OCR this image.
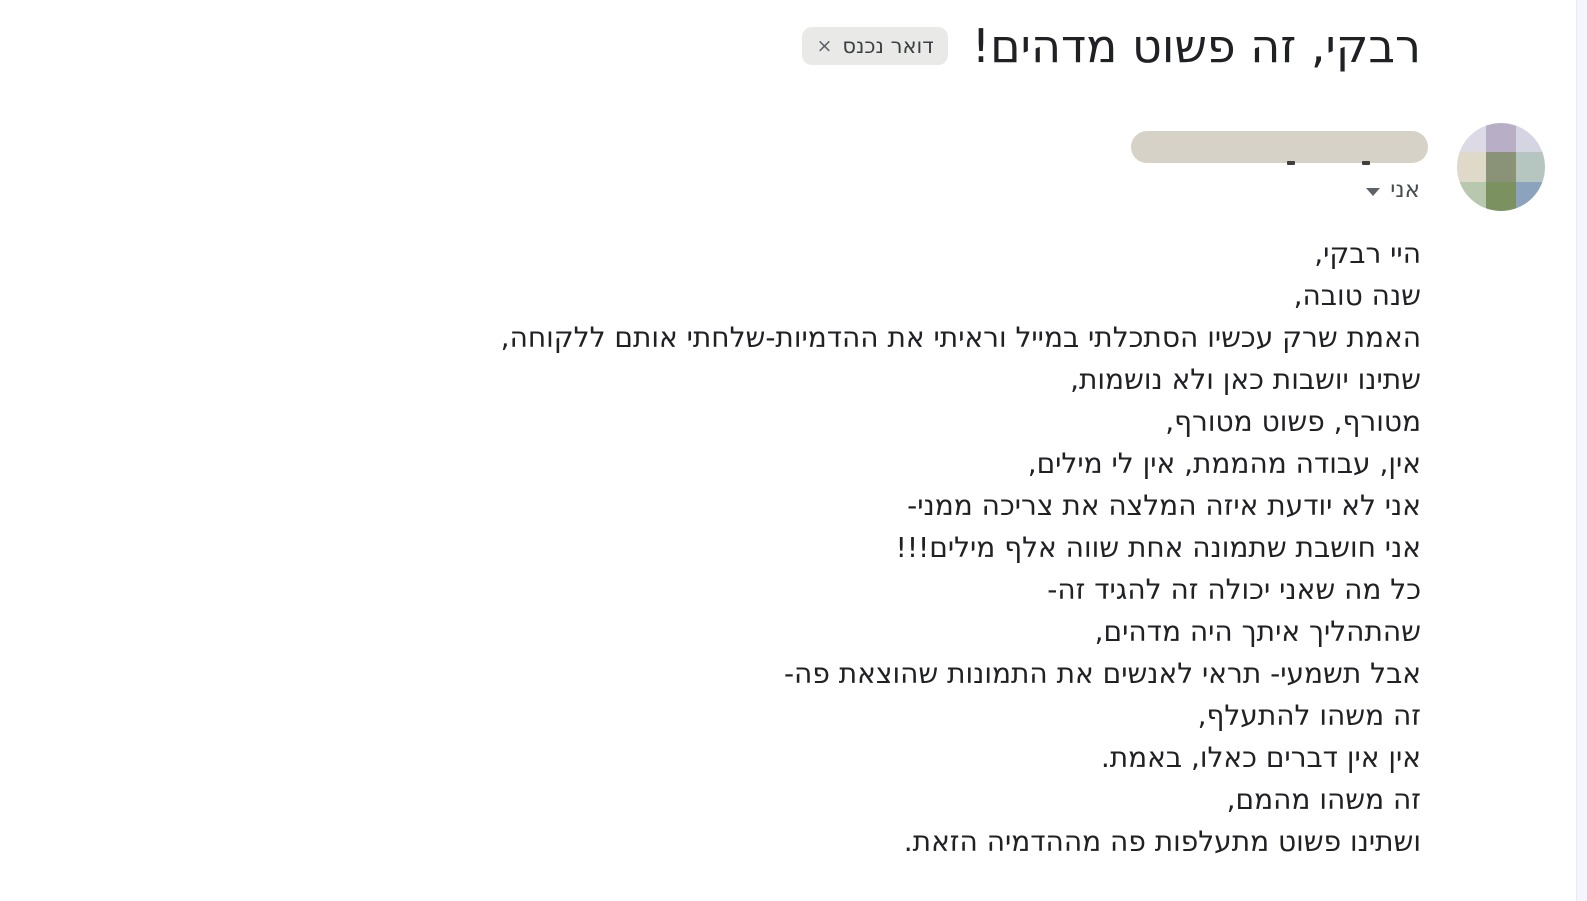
רבקי, זה פשוט מדהים!
דואר נכנס
×
אני
היי רבקי,
שנה טובה,
האמת שרק עכשיו הסתכלתי במייל וראיתי את ההדמיות-שלחתי אותם ללקוחה,
שתינו יושבות כאן ולא נושמות,
מטורף, פשוט מטורף,
אין, עבודה מהממת, אין לי מילים,
אני לא יודעת איזה המלצה את צריכה ממני-
אני חושבת שתמונה אחת שווה אלף מילים!!!
כל מה שאני יכולה זה להגיד זה-
שהתהליך איתך היה מדהים,
אבל תשמעי- תראי לאנשים את התמונות שהוצאת פה-
זה משהו להתעלף,
אין אין דברים כאלו, באמת.
זה משהו מהמם,
ושתינו פשוט מתעלפות פה מההדמיה הזאת.
